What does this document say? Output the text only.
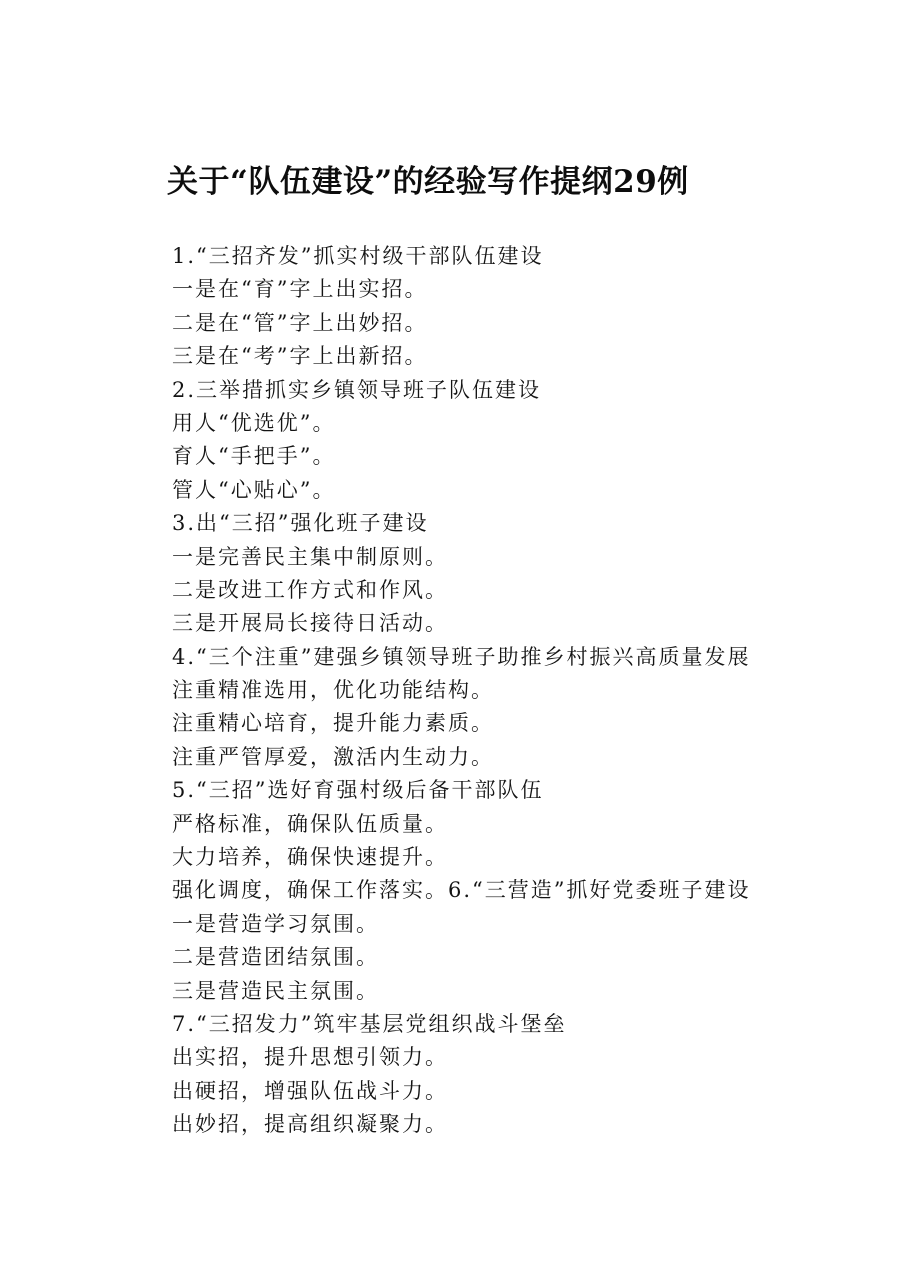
关于“队伍建设”的经验写作提纲29例
1.“三招齐发”抓实村级干部队伍建设
一是在“育”字上出实招。
二是在“管”字上出妙招。
三是在“考”字上出新招。
2.三举措抓实乡镇领导班子队伍建设
用人“优选优”。
育人“手把手”。
管人“心贴心”。
3.出“三招”强化班子建设
一是完善民主集中制原则。
二是改进工作方式和作风。
三是开展局长接待日活动。
4.“三个注重”建强乡镇领导班子助推乡村振兴高质量发展
注重精准选用，优化功能结构。
注重精心培育，提升能力素质。
注重严管厚爱，激活内生动力。
5.“三招”选好育强村级后备干部队伍
严格标准，确保队伍质量。
大力培养，确保快速提升。
强化调度，确保工作落实。6.“三营造”抓好党委班子建设
一是营造学习氛围。
二是营造团结氛围。
三是营造民主氛围。
7.“三招发力”筑牢基层党组织战斗堡垒
出实招，提升思想引领力。
出硬招，增强队伍战斗力。
出妙招，提高组织凝聚力。
